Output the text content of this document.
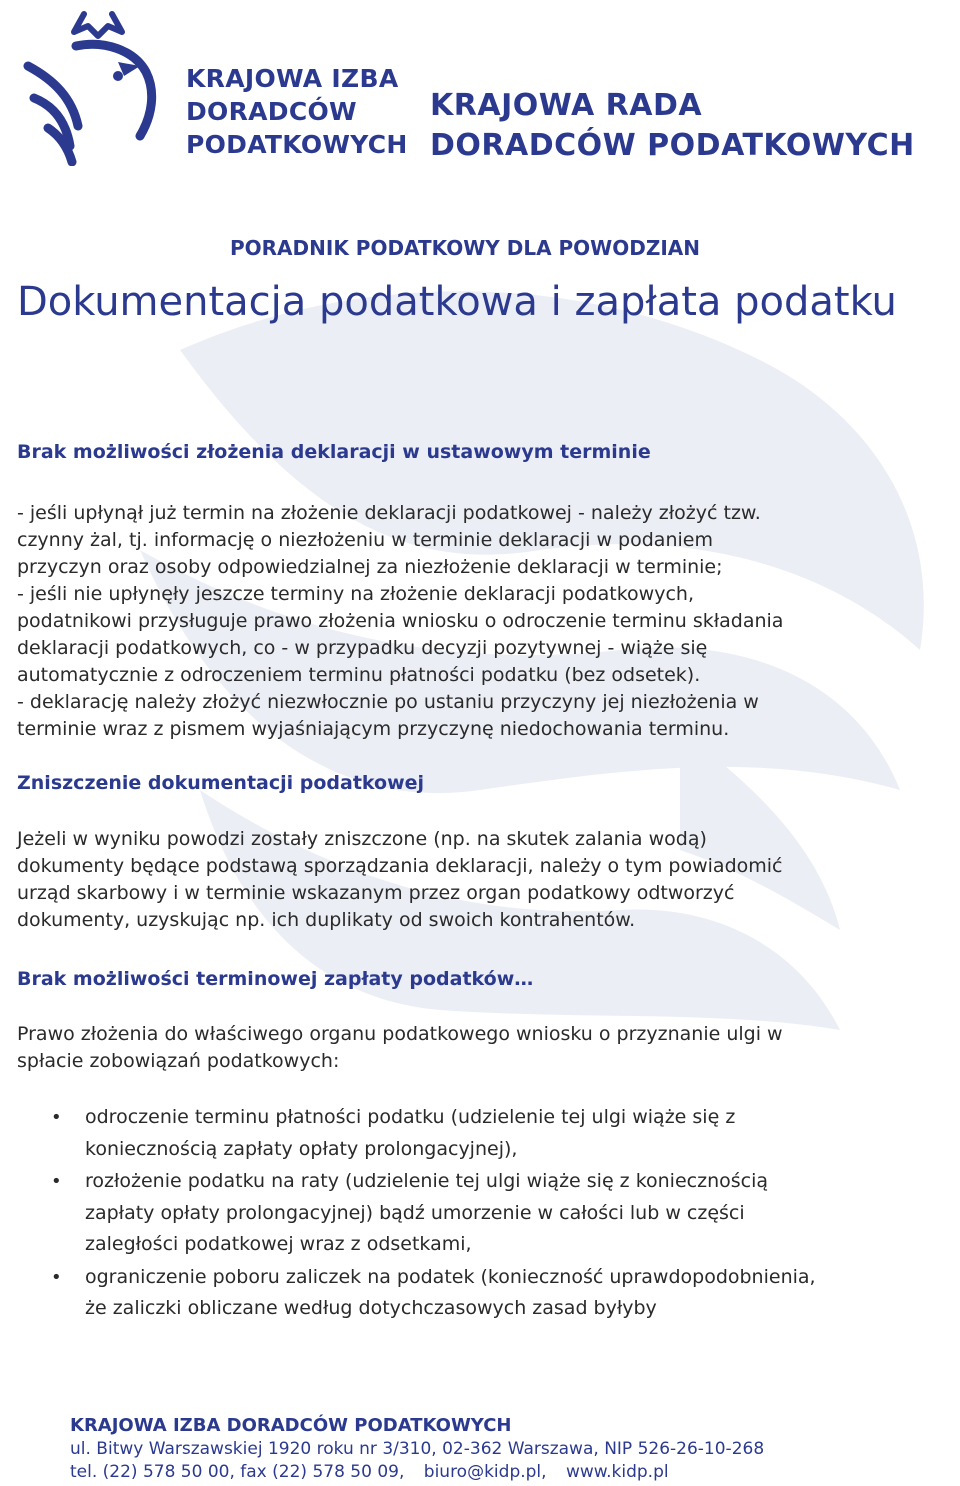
KRAJOWA IZBA
DORADCÓW
PODATKOWYCH
KRAJOWA RADA
DORADCÓW PODATKOWYCH
PORADNIK PODATKOWY DLA POWODZIAN
Dokumentacja podatkowa i zapłata podatku
Brak możliwości złożenia deklaracji w ustawowym terminie
- jeśli upłynął już termin na złożenie deklaracji podatkowej - należy złożyć tzw.
czynny żal, tj. informację o niezłożeniu w terminie deklaracji w podaniem
przyczyn oraz osoby odpowiedzialnej za niezłożenie deklaracji w terminie;
- jeśli nie upłynęły jeszcze terminy na złożenie deklaracji podatkowych,
podatnikowi przysługuje prawo złożenia wniosku o odroczenie terminu składania
deklaracji podatkowych, co - w przypadku decyzji pozytywnej - wiąże się
automatycznie z odroczeniem terminu płatności podatku (bez odsetek).
- deklarację należy złożyć niezwłocznie po ustaniu przyczyny jej niezłożenia w
terminie wraz z pismem wyjaśniającym przyczynę niedochowania terminu.
Zniszczenie dokumentacji podatkowej
Jeżeli w wyniku powodzi zostały zniszczone (np. na skutek zalania wodą)
dokumenty będące podstawą sporządzania deklaracji, należy o tym powiadomić
urząd skarbowy i w terminie wskazanym przez organ podatkowy odtworzyć
dokumenty, uzyskując np. ich duplikaty od swoich kontrahentów.
Brak możliwości terminowej zapłaty podatków…
Prawo złożenia do właściwego organu podatkowego wniosku o przyznanie ulgi w
spłacie zobowiązań podatkowych:
• odroczenie terminu płatności podatku (udzielenie tej ulgi wiąże się z
koniecznością zapłaty opłaty prolongacyjnej),
• rozłożenie podatku na raty (udzielenie tej ulgi wiąże się z koniecznością
zapłaty opłaty prolongacyjnej) bądź umorzenie w całości lub w części
zaległości podatkowej wraz z odsetkami,
• ograniczenie poboru zaliczek na podatek (konieczność uprawdopodobnienia,
że zaliczki obliczane według dotychczasowych zasad byłyby
KRAJOWA IZBA DORADCÓW PODATKOWYCH
ul. Bitwy Warszawskiej 1920 roku nr 3/310, 02-362 Warszawa, NIP 526-26-10-268
tel. (22) 578 50 00, fax (22) 578 50 09, biuro@kidp.pl, www.kidp.pl
